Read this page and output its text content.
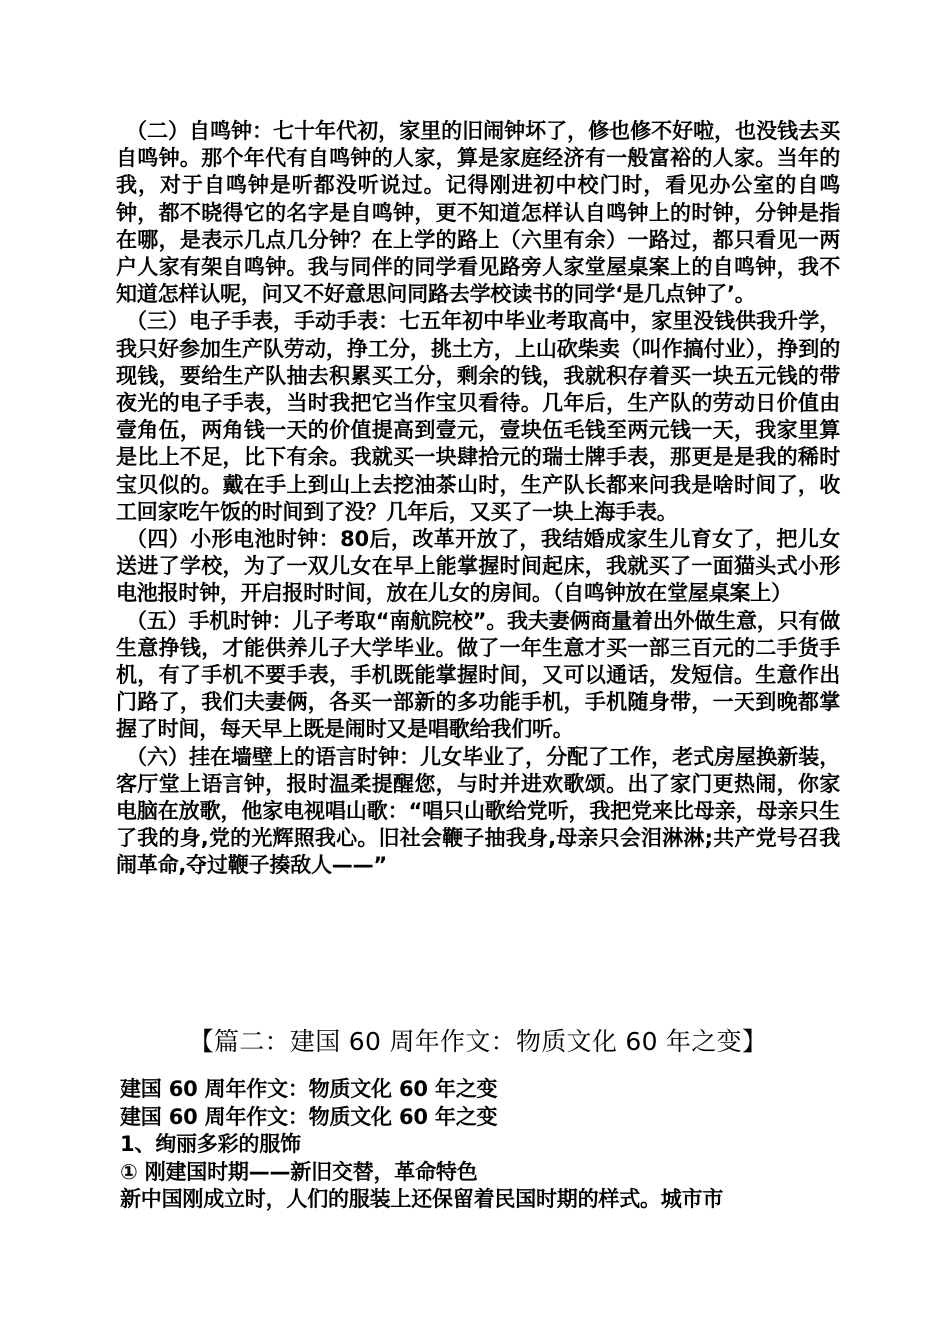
（二）自鸣钟：七十年代初，家里的旧闹钟坏了，修也修不好啦，也没钱去买自鸣钟。那个年代有自鸣钟的人家，算是家庭经济有一般富裕的人家。当年的我，对于自鸣钟是听都没听说过。记得刚进初中校门时，看见办公室的自鸣钟，都不晓得它的名字是自鸣钟，更不知道怎样认自鸣钟上的时钟，分钟是指在哪，是表示几点几分钟？在上学的路上（六里有余）一路过，都只看见一两户人家有架自鸣钟。我与同伴的同学看见路旁人家堂屋桌案上的自鸣钟，我不知道怎样认呢，问又不好意思问同路去学校读书的同学‘是几点钟了’。

（三）电子手表，手动手表：七五年初中毕业考取高中，家里没钱供我升学，我只好参加生产队劳动，挣工分，挑土方，上山砍柴卖（叫作搞付业），挣到的现钱，要给生产队抽去积累买工分，剩余的钱，我就积存着买一块五元钱的带夜光的电子手表，当时我把它当作宝贝看待。几年后，生产队的劳动日价值由壹角伍，两角钱一天的价值提高到壹元，壹块伍毛钱至两元钱一天，我家里算是比上不足，比下有余。我就买一块肆拾元的瑞士牌手表，那更是是我的稀时宝贝似的。戴在手上到山上去挖油茶山时，生产队长都来问我是啥时间了，收工回家吃午饭的时间到了没？几年后，又买了一块上海手表。

（四）小形电池时钟：80后，改革开放了，我结婚成家生儿育女了，把儿女送进了学校，为了一双儿女在早上能掌握时间起床，我就买了一面猫头式小形电池报时钟，开启报时时间，放在儿女的房间。（自鸣钟放在堂屋桌案上）

（五）手机时钟：儿子考取“南航院校”。我夫妻俩商量着出外做生意，只有做生意挣钱，才能供养儿子大学毕业。做了一年生意才买一部三百元的二手货手机，有了手机不要手表，手机既能掌握时间，又可以通话，发短信。生意作出门路了，我们夫妻俩，各买一部新的多功能手机，手机随身带，一天到晚都掌握了时间，每天早上既是闹时又是唱歌给我们听。

（六）挂在墙壁上的语言时钟：儿女毕业了，分配了工作，老式房屋换新装，客厅堂上语言钟，报时温柔提醒您，与时并进欢歌颂。出了家门更热闹，你家电脑在放歌，他家电视唱山歌：“唱只山歌给党听，我把党来比母亲，母亲只生了我的身,党的光辉照我心。旧社会鞭子抽我身,母亲只会泪淋淋;共产党号召我闹革命,夺过鞭子揍敌人——”

【篇二：建国 60 周年作文：物质文化 60 年之变】

建国 60 周年作文：物质文化 60 年之变

建国 60 周年作文：物质文化 60 年之变

1、绚丽多彩的服饰

① 刚建国时期——新旧交替，革命特色

新中国刚成立时，人们的服装上还保留着民国时期的样式。城市市
